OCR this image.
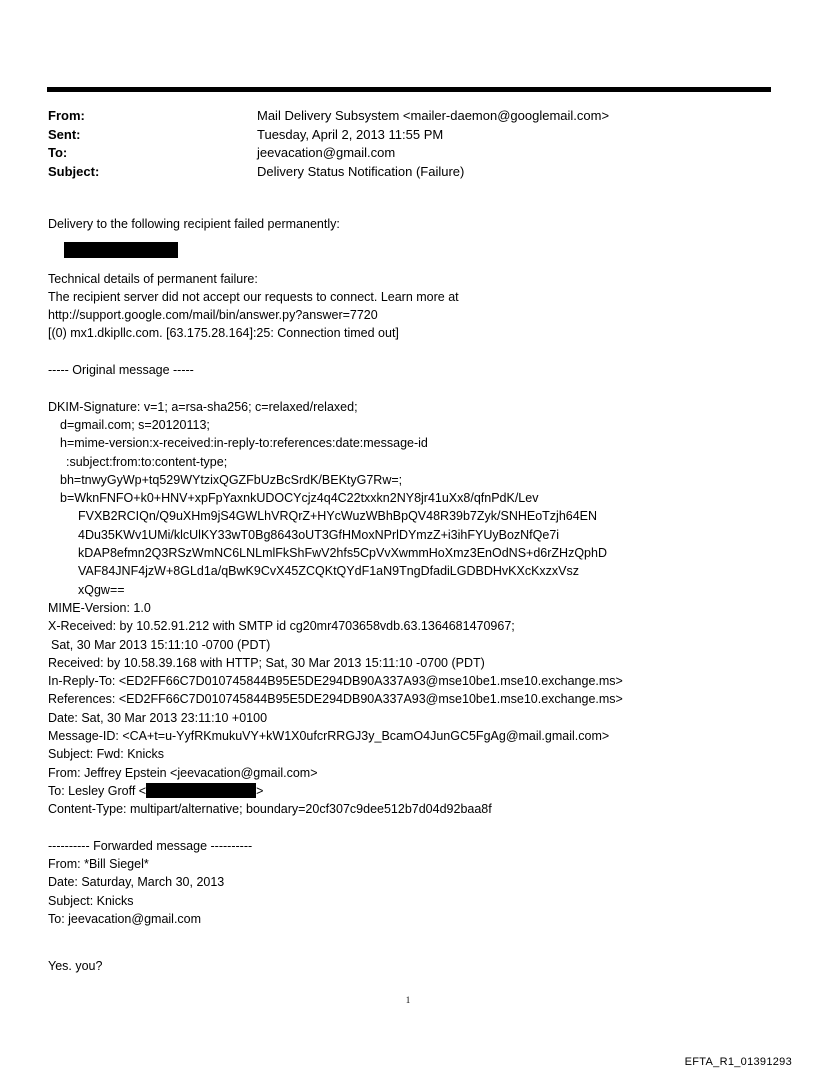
From:	Mail Delivery Subsystem <mailer-daemon@googlemail.com>
Sent:	Tuesday, April 2, 2013 11:55 PM
To:	jeevacation@gmail.com
Subject:	Delivery Status Notification (Failure)
Delivery to the following recipient failed permanently:
Technical details of permanent failure:
The recipient server did not accept our requests to connect. Learn more at
http://support.google.com/mail/bin/answer.py?answer=7720
[(0) mx1.dkipllc.com. [63.175.28.164]:25: Connection timed out]
----- Original message -----
DKIM-Signature: v=1; a=rsa-sha256; c=relaxed/relaxed;
d=gmail.com; s=20120113;
h=mime-version:x-received:in-reply-to:references:date:message-id
:subject:from:to:content-type;
bh=tnwyGyWp+tq529WYtzixQGZFbUzBcSrdK/BEKtyG7Rw=;
b=WknFNFO+k0+HNV+xpFpYaxnkUDOCYcjz4q4C22txxkn2NY8jr41uXx8/qfnPdK/Lev
FVXB2RCIQn/Q9uXHm9jS4GWLhVRQrZ+HYcWuzWBhBpQV48R39b7Zyk/SNHEoTzjh64EN
4Du35KWv1UMi/klcUlKY33wT0Bg8643oUT3GfHMoxNPrlDYmzZ+i3ihFYUyBozNfQe7i
kDAP8efmn2Q3RSzWmNC6LNLmlFkShFwV2hfs5CpVvXwmmHoXmz3EnOdNS+d6rZHzQphD
VAF84JNF4jzW+8GLd1a/qBwK9CvX45ZCQKtQYdF1aN9TngDfadiLGDBDHvKXcKxzxVsz
xQgw==
MIME-Version: 1.0
X-Received: by 10.52.91.212 with SMTP id cg20mr4703658vdb.63.1364681470967;
Sat, 30 Mar 2013 15:11:10 -0700 (PDT)
Received: by 10.58.39.168 with HTTP; Sat, 30 Mar 2013 15:11:10 -0700 (PDT)
In-Reply-To: <ED2FF66C7D010745844B95E5DE294DB90A337A93@mse10be1.mse10.exchange.ms>
References: <ED2FF66C7D010745844B95E5DE294DB90A337A93@mse10be1.mse10.exchange.ms>
Date: Sat, 30 Mar 2013 23:11:10 +0100
Message-ID: <CA+t=u-YyfRKmukuVY+kW1X0ufcrRRGJ3y_BcamO4JunGC5FgAg@mail.gmail.com>
Subject: Fwd: Knicks
From: Jeffrey Epstein <jeevacation@gmail.com>
To: Lesley Groff <	>
Content-Type: multipart/alternative; boundary=20cf307c9dee512b7d04d92baa8f
---------- Forwarded message ----------
From: *Bill Siegel*
Date: Saturday, March 30, 2013
Subject: Knicks
To: jeevacation@gmail.com
Yes. you?
1
EFTA_R1_01391293
